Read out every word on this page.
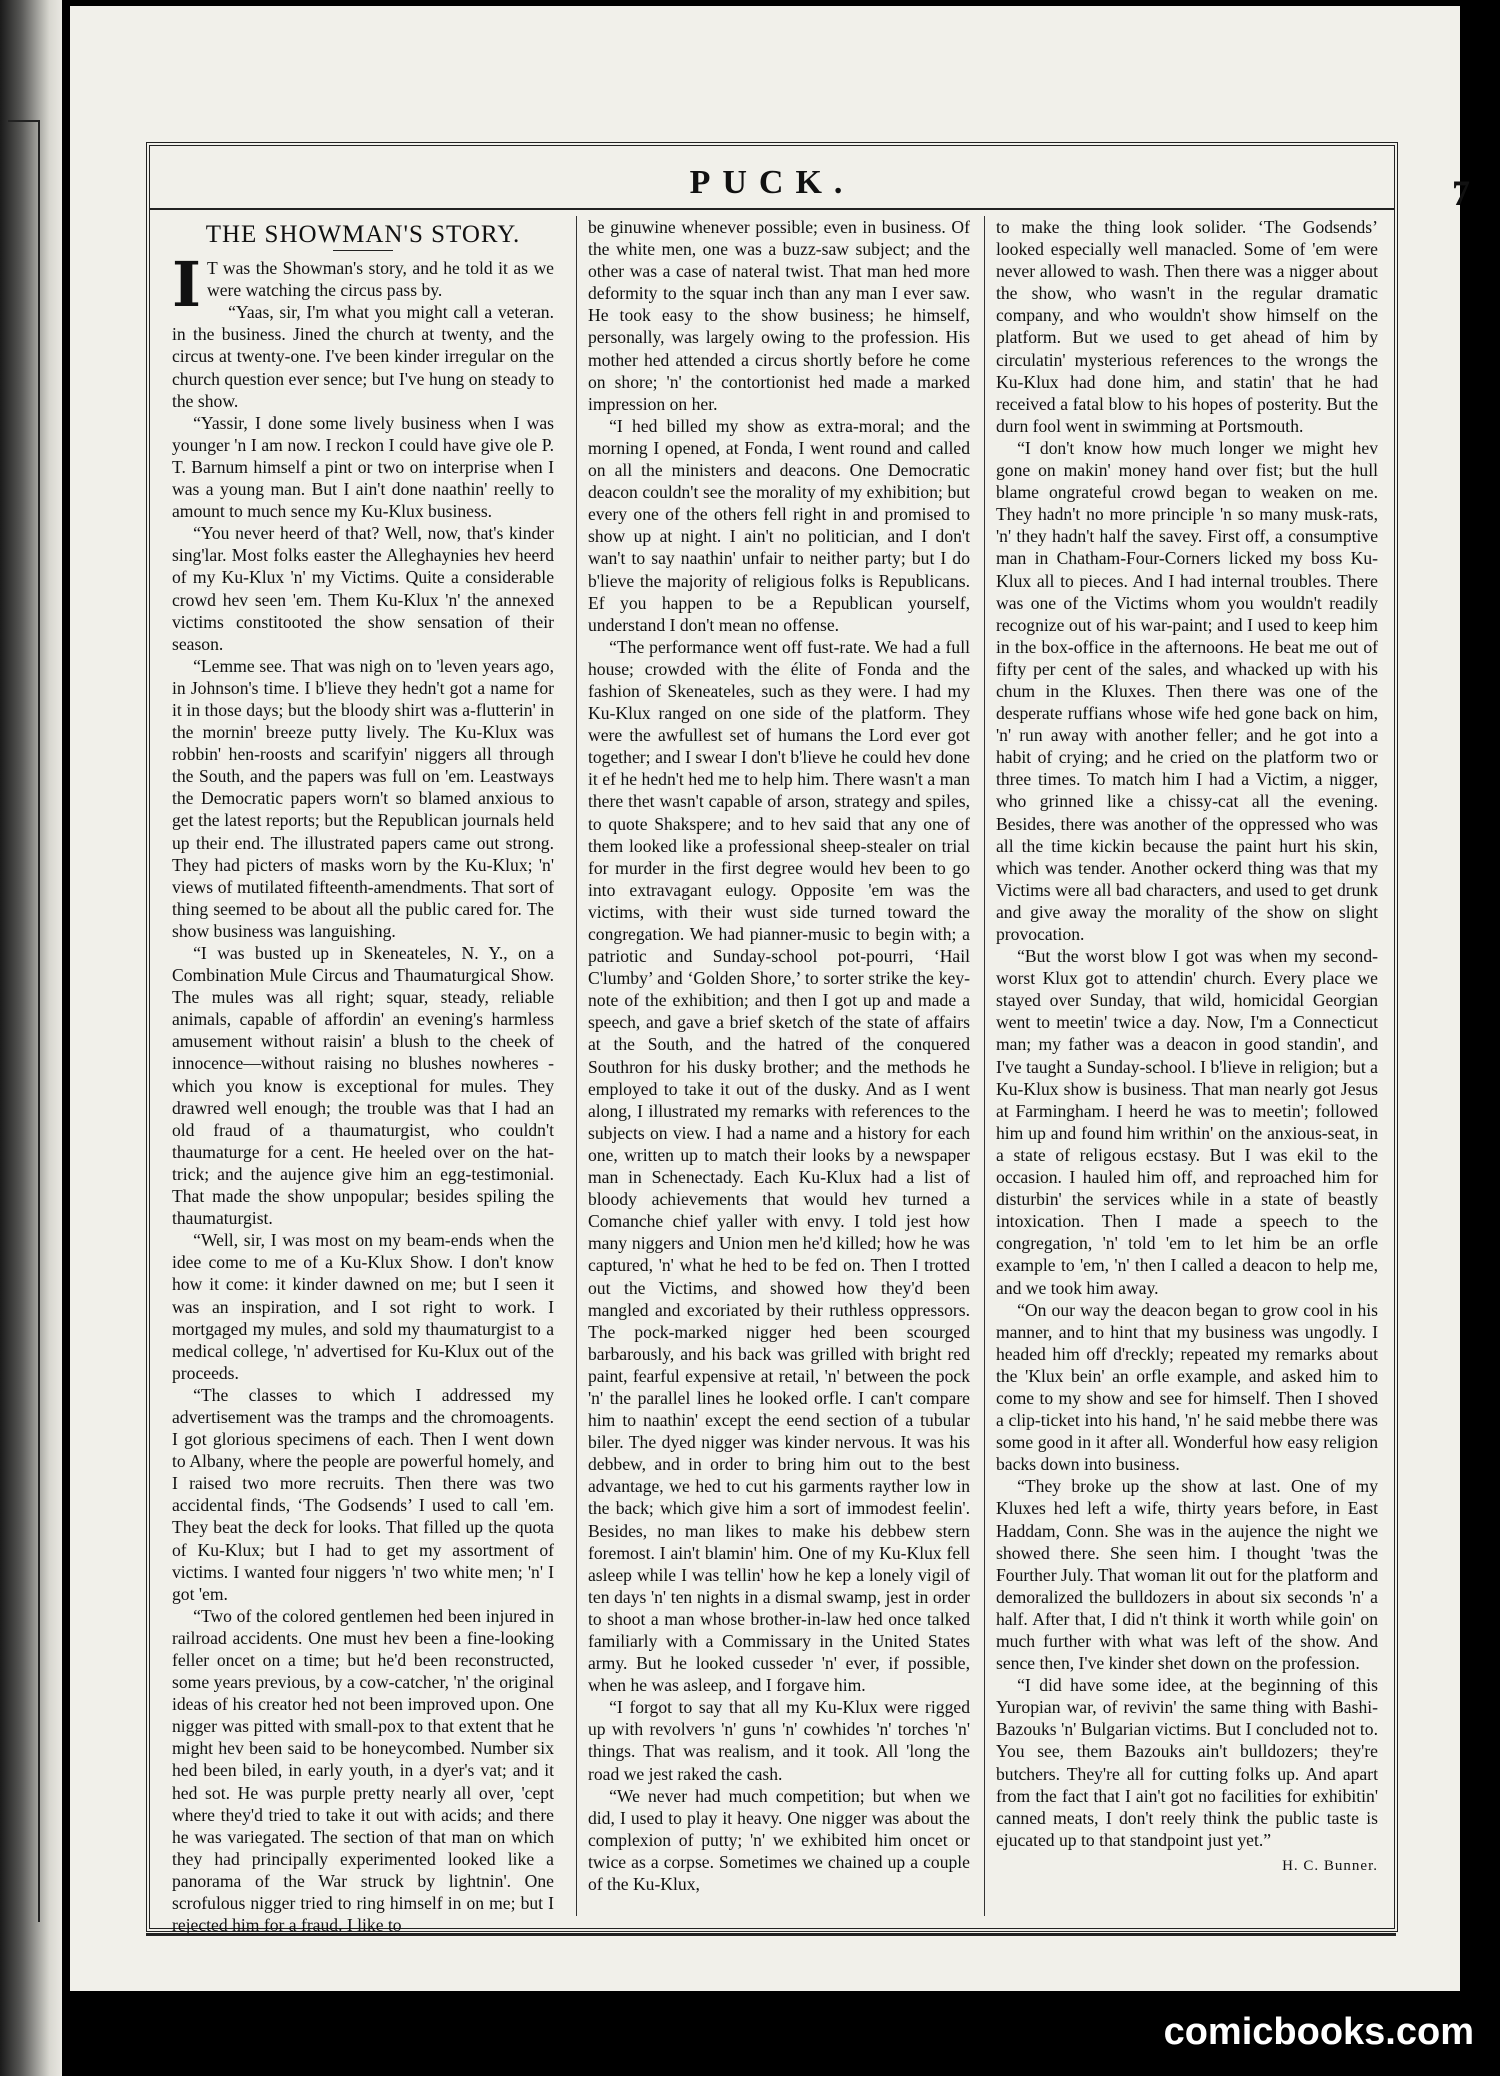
PUCK.	7
THE SHOWMAN'S STORY.

I T was the Showman's story, and he told it as we were watching the circus pass by.

“Yaas, sir, I'm what you might call a veteran. in the business. Jined the church at twenty, and the circus at twenty-one. I've been kinder irregular on the church question ever sence; but I've hung on steady to the show.

“Yassir, I done some lively business when I was younger 'n I am now. I reckon I could have give ole P. T. Barnum himself a pint or two on interprise when I was a young man. But I ain't done naathin' reelly to amount to much sence my Ku-Klux business.

“You never heerd of that? Well, now, that's kinder sing'lar. Most folks easter the Alleghaynies hev heerd of my Ku-Klux 'n' my Victims. Quite a considerable crowd hev seen 'em. Them Ku-Klux 'n' the annexed victims constitooted the show sensation of their season.

“Lemme see. That was nigh on to 'leven years ago, in Johnson's time. I b'lieve they hedn't got a name for it in those days; but the bloody shirt was a-flutterin' in the mornin' breeze putty lively. The Ku-Klux was robbin' hen-roosts and scarifyin' niggers all through the South, and the papers was full on 'em. Leastways the Democratic papers worn't so blamed anxious to get the latest reports; but the Republican journals held up their end. The illustrated papers came out strong. They had picters of masks worn by the Ku-Klux; 'n' views of mutilated fifteenth-amendments. That sort of thing seemed to be about all the public cared for. The show business was languishing.

“I was busted up in Skeneateles, N. Y., on a Combination Mule Circus and Thaumaturgical Show. The mules was all right; squar, steady, reliable animals, capable of affordin' an evening's harmless amusement without raisin' a blush to the cheek of innocence—without raising no blushes nowheres - which you know is exceptional for mules. They drawred well enough; the trouble was that I had an old fraud of a thaumaturgist, who couldn't thaumaturge for a cent. He heeled over on the hat-trick; and the aujence give him an egg-testimonial. That made the show unpopular; besides spiling the thaumaturgist.

“Well, sir, I was most on my beam-ends when the idee come to me of a Ku-Klux Show. I don't know how it come: it kinder dawned on me; but I seen it was an inspiration, and I sot right to work. I mortgaged my mules, and sold my thaumaturgist to a medical college, 'n' advertised for Ku-Klux out of the proceeds.

“The classes to which I addressed my advertisement was the tramps and the chromoagents. I got glorious specimens of each. Then I went down to Albany, where the people are powerful homely, and I raised two more recruits. Then there was two accidental finds, ‘The Godsends’ I used to call 'em. They beat the deck for looks. That filled up the quota of Ku-Klux; but I had to get my assortment of victims. I wanted four niggers 'n' two white men; 'n' I got 'em.

“Two of the colored gentlemen hed been injured in railroad accidents. One must hev been a fine-looking feller oncet on a time; but he'd been reconstructed, some years previous, by a cow-catcher, 'n' the original ideas of his creator hed not been improved upon. One nigger was pitted with small-pox to that extent that he might hev been said to be honeycombed. Number six hed been biled, in early youth, in a dyer's vat; and it hed sot. He was purple pretty nearly all over, 'cept where they'd tried to take it out with acids; and there he was variegated. The section of that man on which they had principally experimented looked like a panorama of the War struck by lightnin'. One scrofulous nigger tried to ring himself in on me; but I rejected him for a fraud. I like to

be ginuwine whenever possible; even in business. Of the white men, one was a buzz-saw subject; and the other was a case of nateral twist. That man hed more deformity to the squar inch than any man I ever saw. He took easy to the show business; he himself, personally, was largely owing to the profession. His mother hed attended a circus shortly before he come on shore; 'n' the contortionist hed made a marked impression on her.

“I hed billed my show as extra-moral; and the morning I opened, at Fonda, I went round and called on all the ministers and deacons. One Democratic deacon couldn't see the morality of my exhibition; but every one of the others fell right in and promised to show up at night. I ain't no politician, and I don't wan't to say naathin' unfair to neither party; but I do b'lieve the majority of religious folks is Republicans. Ef you happen to be a Republican yourself, understand I don't mean no offense.

“The performance went off fust-rate. We had a full house; crowded with the élite of Fonda and the fashion of Skeneateles, such as they were. I had my Ku-Klux ranged on one side of the platform. They were the awfullest set of humans the Lord ever got together; and I swear I don't b'lieve he could hev done it ef he hedn't hed me to help him. There wasn't a man there thet wasn't capable of arson, strategy and spiles, to quote Shakspere; and to hev said that any one of them looked like a professional sheep-stealer on trial for murder in the first degree would hev been to go into extravagant eulogy. Opposite 'em was the victims, with their wust side turned toward the congregation. We had pianner-music to begin with; a patriotic and Sunday-school pot-pourri, ‘Hail C'lumby’ and ‘Golden Shore,’ to sorter strike the key-note of the exhibition; and then I got up and made a speech, and gave a brief sketch of the state of affairs at the South, and the hatred of the conquered Southron for his dusky brother; and the methods he employed to take it out of the dusky. And as I went along, I illustrated my remarks with references to the subjects on view. I had a name and a history for each one, written up to match their looks by a newspaper man in Schenectady. Each Ku-Klux had a list of bloody achievements that would hev turned a Comanche chief yaller with envy. I told jest how many niggers and Union men he'd killed; how he was captured, 'n' what he hed to be fed on. Then I trotted out the Victims, and showed how they'd been mangled and excoriated by their ruthless oppressors. The pock-marked nigger hed been scourged barbarously, and his back was grilled with bright red paint, fearful expensive at retail, 'n' between the pock 'n' the parallel lines he looked orfle. I can't compare him to naathin' except the eend section of a tubular biler. The dyed nigger was kinder nervous. It was his debbew, and in order to bring him out to the best advantage, we hed to cut his garments rayther low in the back; which give him a sort of immodest feelin'. Besides, no man likes to make his debbew stern foremost. I ain't blamin' him. One of my Ku-Klux fell asleep while I was tellin' how he kep a lonely vigil of ten days 'n' ten nights in a dismal swamp, jest in order to shoot a man whose brother-in-law hed once talked familiarly with a Commissary in the United States army. But he looked cusseder 'n' ever, if possible, when he was asleep, and I forgave him.

“I forgot to say that all my Ku-Klux were rigged up with revolvers 'n' guns 'n' cowhides 'n' torches 'n' things. That was realism, and it took. All 'long the road we jest raked the cash.

“We never had much competition; but when we did, I used to play it heavy. One nigger was about the complexion of putty; 'n' we exhibited him oncet or twice as a corpse. Sometimes we chained up a couple of the Ku-Klux,

to make the thing look solider. ‘The Godsends’ looked especially well manacled. Some of 'em were never allowed to wash. Then there was a nigger about the show, who wasn't in the regular dramatic company, and who wouldn't show himself on the platform. But we used to get ahead of him by circulatin' mysterious references to the wrongs the Ku-Klux had done him, and statin' that he had received a fatal blow to his hopes of posterity. But the durn fool went in swimming at Portsmouth.

“I don't know how much longer we might hev gone on makin' money hand over fist; but the hull blame ongrateful crowd began to weaken on me. They hadn't no more principle 'n so many musk-rats, 'n' they hadn't half the savey. First off, a consumptive man in Chatham-Four-Corners licked my boss Ku-Klux all to pieces. And I had internal troubles. There was one of the Victims whom you wouldn't readily recognize out of his war-paint; and I used to keep him in the box-office in the afternoons. He beat me out of fifty per cent of the sales, and whacked up with his chum in the Kluxes. Then there was one of the desperate ruffians whose wife hed gone back on him, 'n' run away with another feller; and he got into a habit of crying; and he cried on the platform two or three times. To match him I had a Victim, a nigger, who grinned like a chissy-cat all the evening. Besides, there was another of the oppressed who was all the time kickin because the paint hurt his skin, which was tender. Another ockerd thing was that my Victims were all bad characters, and used to get drunk and give away the morality of the show on slight provocation.

“But the worst blow I got was when my second-worst Klux got to attendin' church. Every place we stayed over Sunday, that wild, homicidal Georgian went to meetin' twice a day. Now, I'm a Connecticut man; my father was a deacon in good standin', and I've taught a Sunday-school. I b'lieve in religion; but a Ku-Klux show is business. That man nearly got Jesus at Farmingham. I heerd he was to meetin'; followed him up and found him writhin' on the anxious-seat, in a state of religous ecstasy. But I was ekil to the occasion. I hauled him off, and reproached him for disturbin' the services while in a state of beastly intoxication. Then I made a speech to the congregation, 'n' told 'em to let him be an orfle example to 'em, 'n' then I called a deacon to help me, and we took him away.

“On our way the deacon began to grow cool in his manner, and to hint that my business was ungodly. I headed him off d'reckly; repeated my remarks about the 'Klux bein' an orfle example, and asked him to come to my show and see for himself. Then I shoved a clip-ticket into his hand, 'n' he said mebbe there was some good in it after all. Wonderful how easy religion backs down into business.

“They broke up the show at last. One of my Kluxes hed left a wife, thirty years before, in East Haddam, Conn. She was in the aujence the night we showed there. She seen him. I thought 'twas the Fourther July. That woman lit out for the platform and demoralized the bulldozers in about six seconds 'n' a half. After that, I did n't think it worth while goin' on much further with what was left of the show. And sence then, I've kinder shet down on the profession.

“I did have some idee, at the beginning of this Yuropian war, of revivin' the same thing with Bashi-Bazouks 'n' Bulgarian victims. But I concluded not to. You see, them Bazouks ain't bulldozers; they're butchers. They're all for cutting folks up. And apart from the fact that I ain't got no facilities for exhibitin' canned meats, I don't reely think the public taste is ejucated up to that standpoint just yet.”

H. C. Bunner.
comicbooks.com
